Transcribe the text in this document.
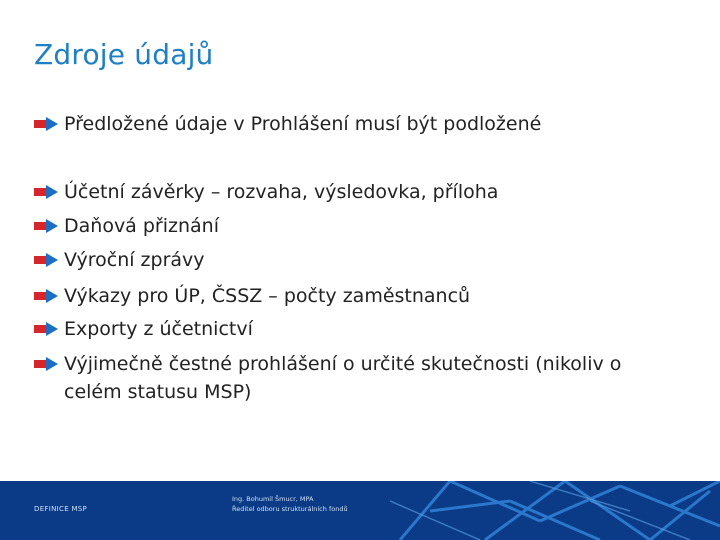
Zdroje údajů
Předložené údaje v Prohlášení musí být podložené
Účetní závěrky – rozvaha, výsledovka, příloha
Daňová přiznání
Výroční zprávy
Výkazy pro ÚP, ČSSZ – počty zaměstnanců
Exporty z účetnictví
Výjimečně čestné prohlášení o určité skutečnosti (nikoliv o celém statusu MSP)
DEFINICE MSP
Ing. Bohumil Šmucr, MPA
Ředitel odboru strukturálních fondů
